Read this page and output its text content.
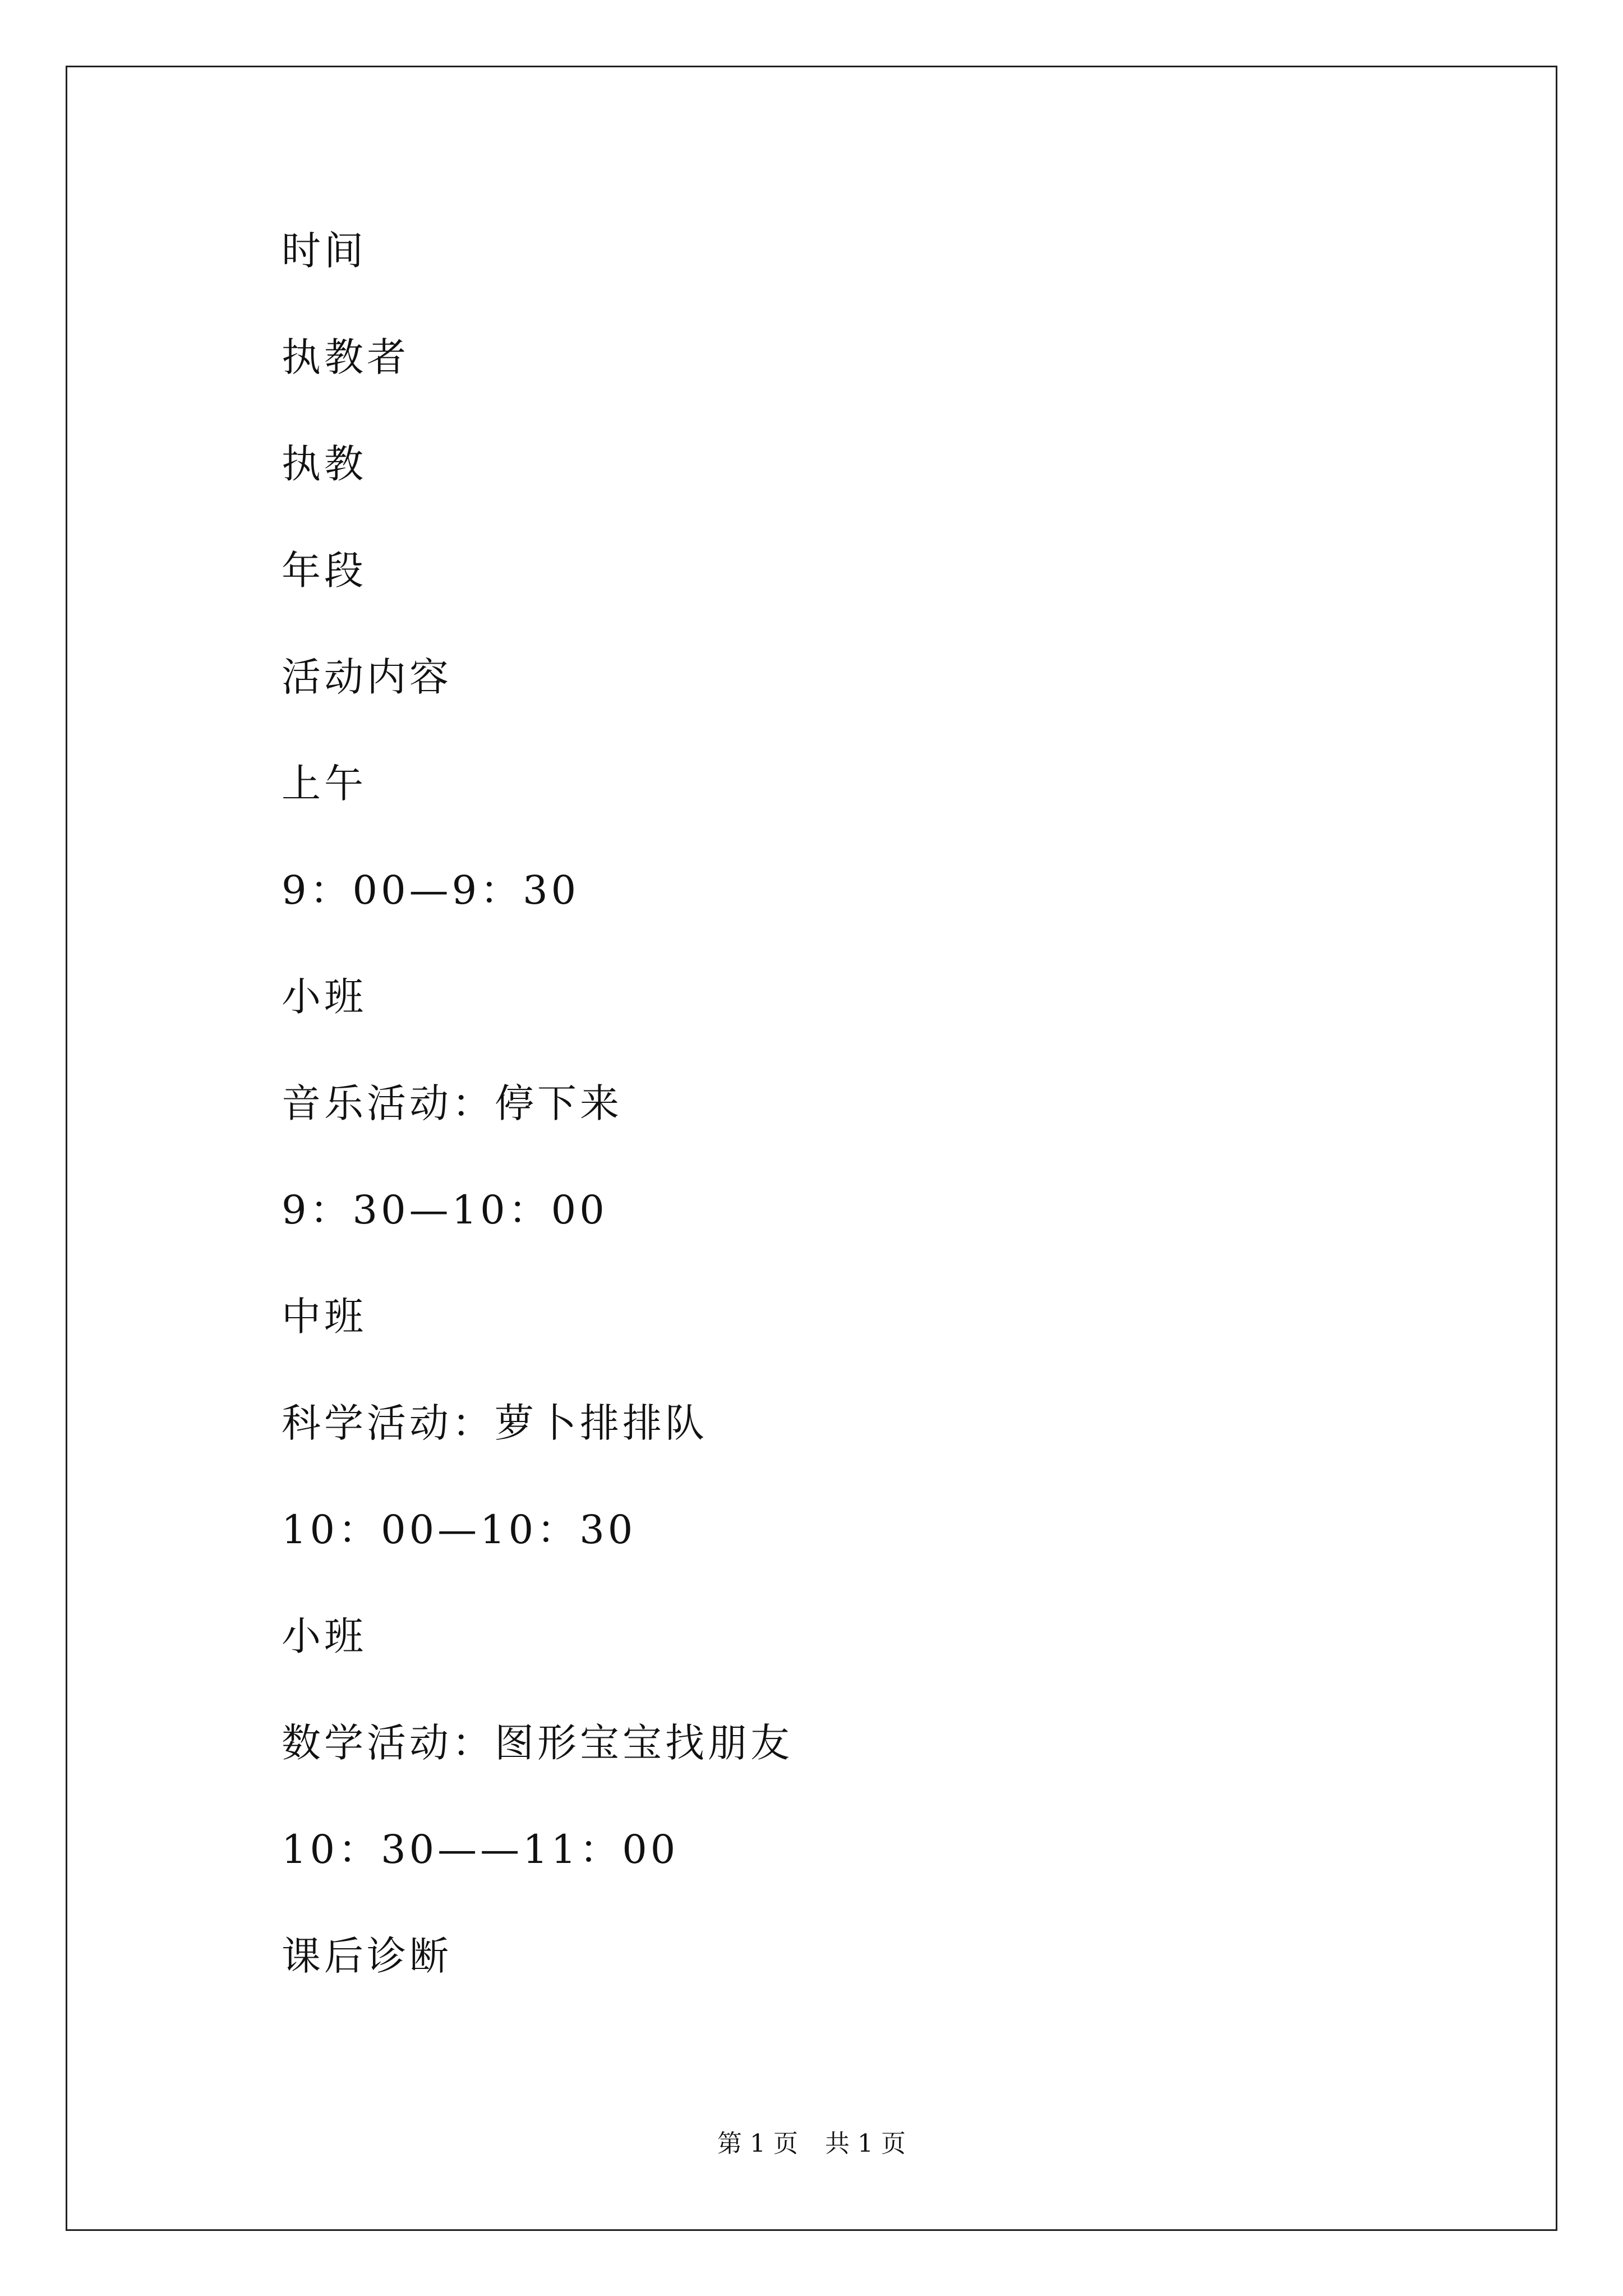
时间
执教者
执教
年段
活动内容
上午
9：00—9：30
小班
音乐活动：停下来
9：30—10：00
中班
科学活动：萝卜排排队
10：00—10：30
小班
数学活动：图形宝宝找朋友
10：30——11：00
课后诊断
第 1 页 共 1 页
